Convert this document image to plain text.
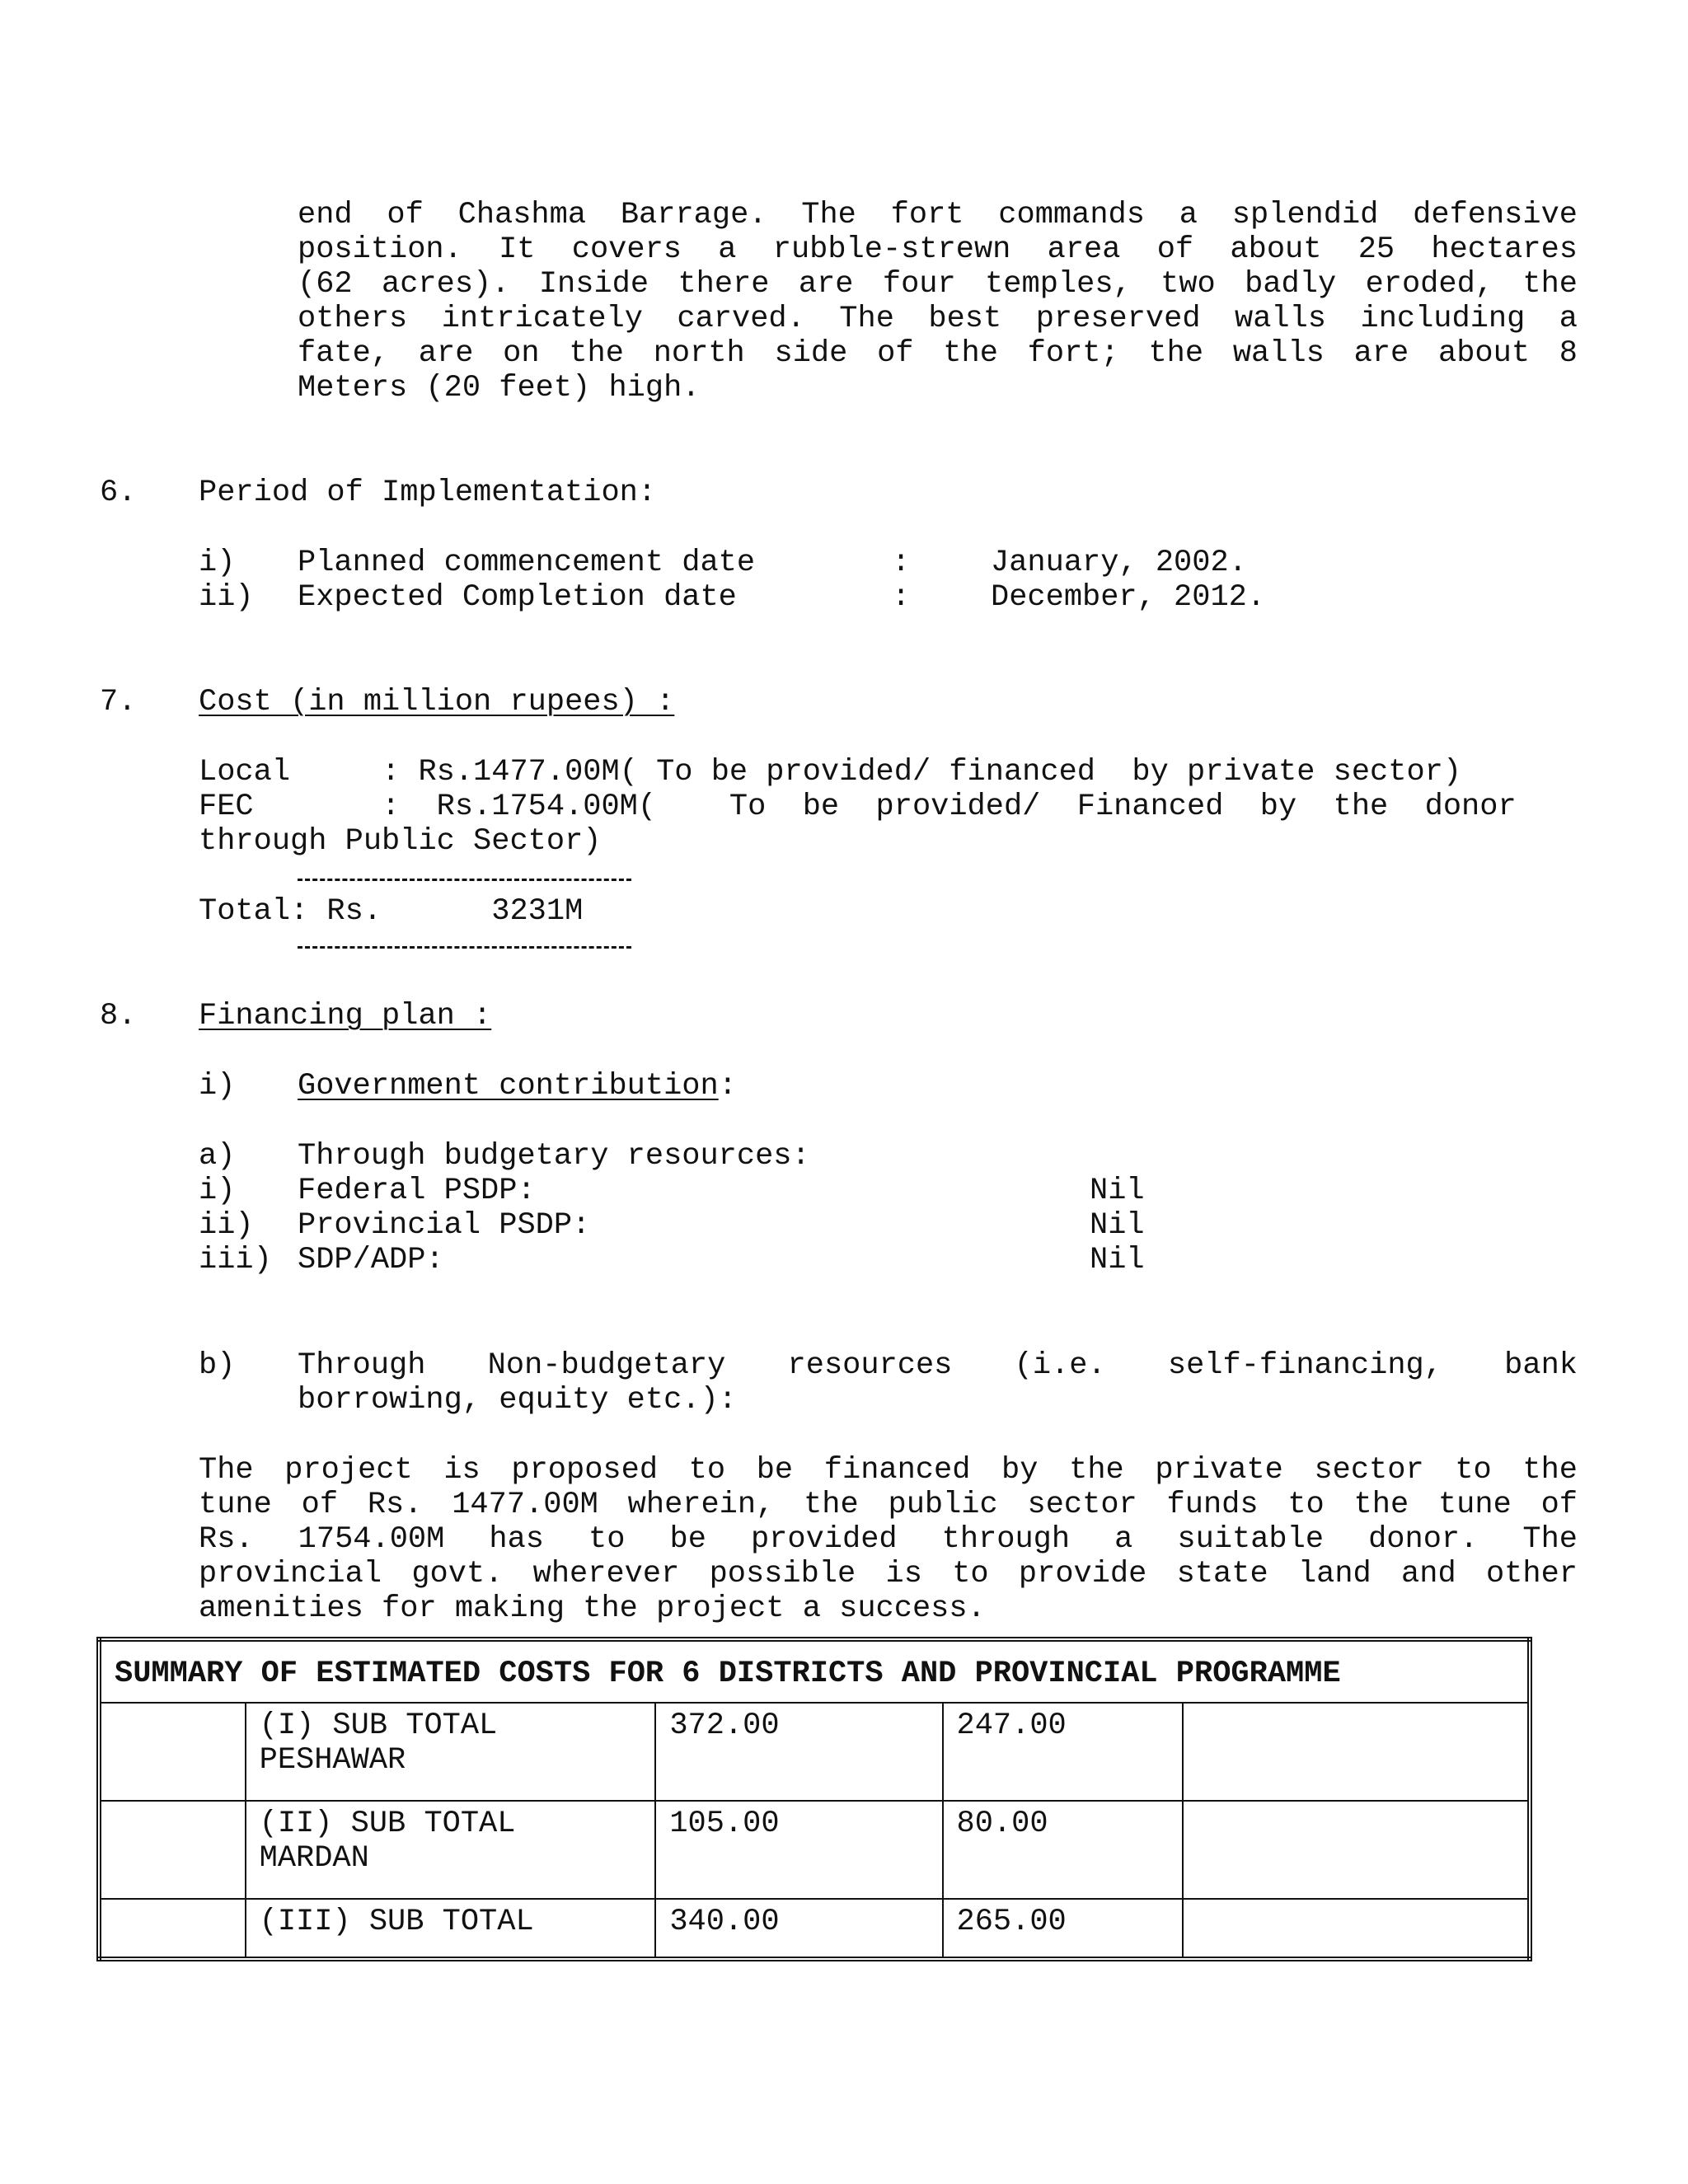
end of Chashma Barrage. The fort commands a splendid defensive
position. It covers a rubble-strewn area of about 25 hectares
(62 acres). Inside there are four temples, two badly eroded, the
others intricately carved. The best preserved walls including a
fate, are on the north side of the fort; the walls are about 8
Meters (20 feet) high.
6. Period of Implementation:
i) Planned commencement date	:	January, 2002.
ii) Expected Completion date	:	December, 2012.
7. Cost (in million rupees) :
Local     : Rs.1477.00M( To be provided/ financed  by private sector)
FEC       :  Rs.1754.00M(    To  be  provided/  Financed  by  the  donor
through Public Sector)
Total: Rs.      3231M
8. Financing plan :
i) Government contribution:
a) Through budgetary resources:
i) Federal PSDP:	Nil
ii) Provincial PSDP:	Nil
iii) SDP/ADP:	Nil
b) Through Non-budgetary resources (i.e. self-financing, bank
borrowing, equity etc.):
The project is proposed to be financed by the private sector to the
tune of Rs. 1477.00M wherein, the public sector funds to the tune of
Rs. 1754.00M has to be provided through a suitable donor. The
provincial govt. wherever possible is to provide state land and other
amenities for making the project a success.
SUMMARY OF ESTIMATED COSTS FOR 6 DISTRICTS AND PROVINCIAL PROGRAMME				
	(I) SUB TOTAL PESHAWAR	372.00	247.00	
	(II) SUB TOTAL MARDAN	105.00	80.00	
	(III) SUB TOTAL	340.00	265.00	
